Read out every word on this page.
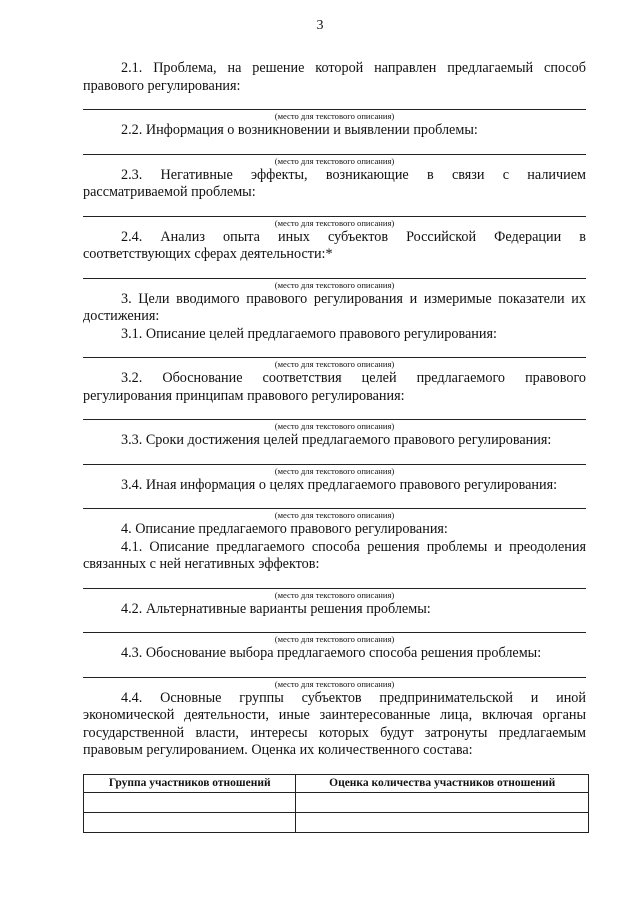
3

2.1. Проблема, на решение которой направлен предлагаемый способ правового регулирования:

(место для текстового описания)

2.2. Информация о возникновении и выявлении проблемы:

(место для текстового описания)

2.3. Негативные эффекты, возникающие в связи с наличием рассматриваемой проблемы:

(место для текстового описания)

2.4. Анализ опыта иных субъектов Российской Федерации в соответствующих сферах деятельности:*

(место для текстового описания)

3. Цели вводимого правового регулирования и измеримые показатели их достижения:

3.1. Описание целей предлагаемого правового регулирования:

(место для текстового описания)

3.2. Обоснование соответствия целей предлагаемого правового регулирования принципам правового регулирования:

(место для текстового описания)

3.3. Сроки достижения целей предлагаемого правового регулирования:

(место для текстового описания)

3.4. Иная информация о целях предлагаемого правового регулирования:

(место для текстового описания)

4. Описание предлагаемого правового регулирования:

4.1. Описание предлагаемого способа решения проблемы и преодоления связанных с ней негативных эффектов:

(место для текстового описания)

4.2. Альтернативные варианты решения проблемы:

(место для текстового описания)

4.3. Обоснование выбора предлагаемого способа решения проблемы:

(место для текстового описания)

4.4. Основные группы субъектов предпринимательской и иной экономической деятельности, иные заинтересованные лица, включая органы государственной власти, интересы которых будут затронуты предлагаемым правовым регулированием. Оценка их количественного состава:

Группа участников отношений	Оценка количества участников отношений
